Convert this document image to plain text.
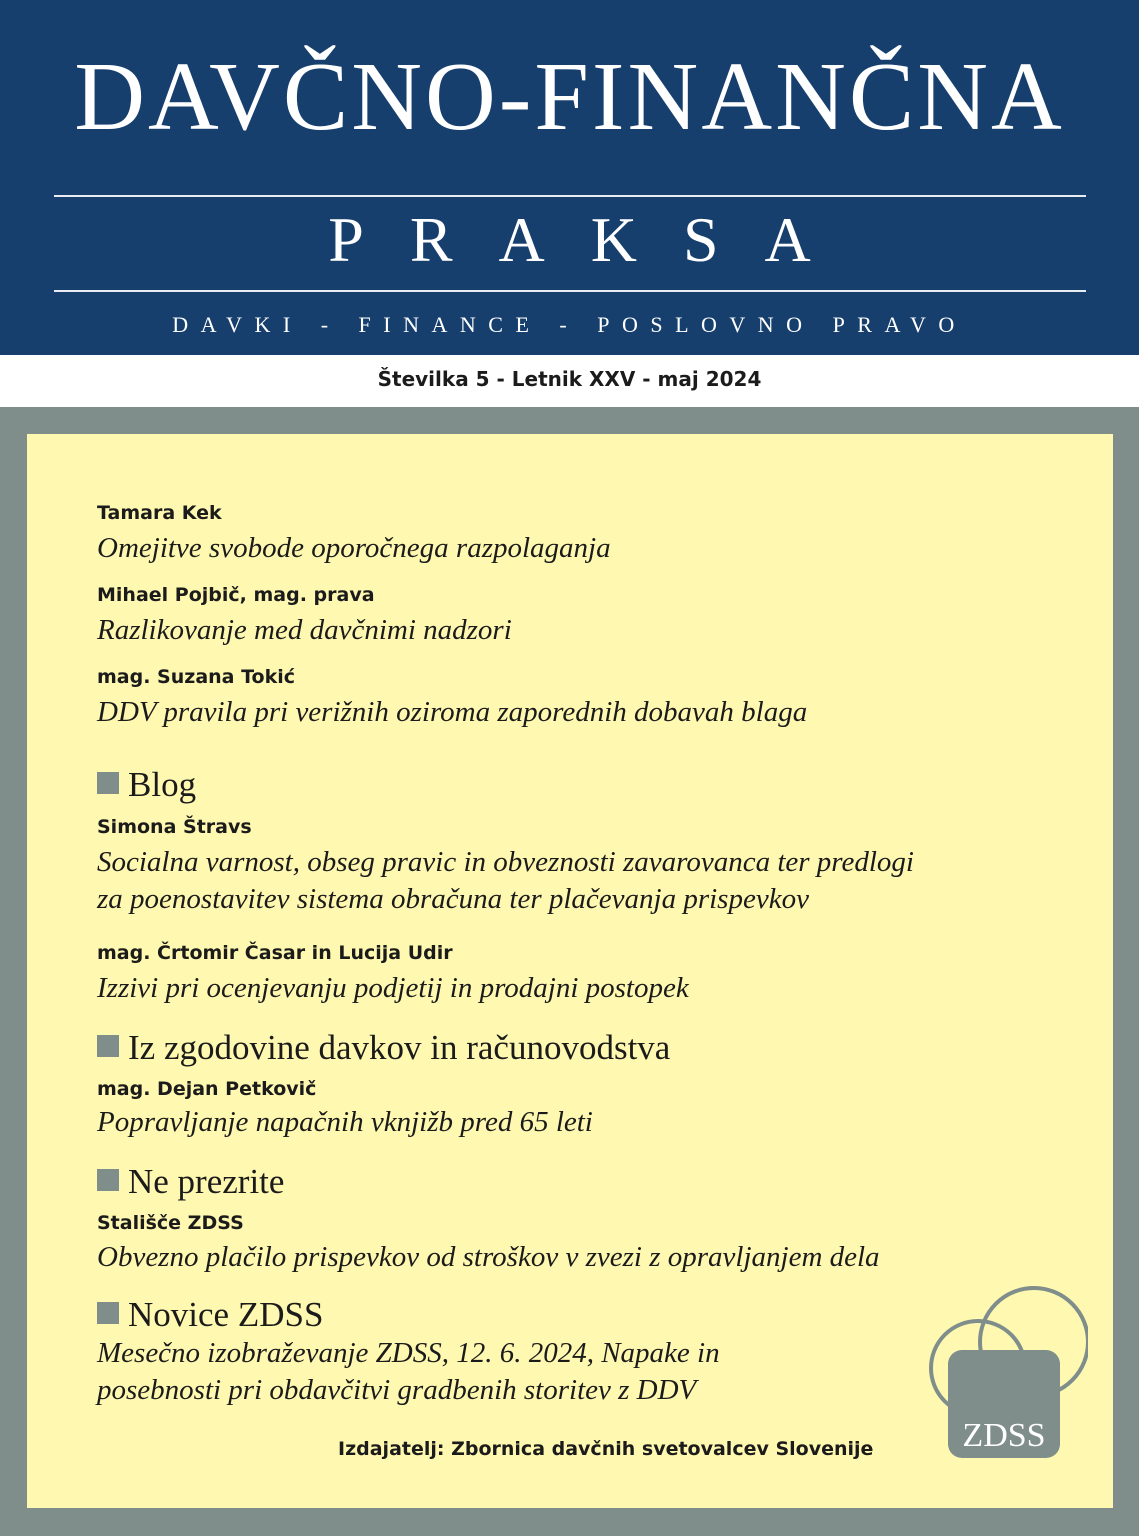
DAVČNO-FINANČNA
PRAKSA
DAVKI - FINANCE - POSLOVNO PRAVO
Številka 5 - Letnik XXV - maj 2024
Tamara Kek
Omejitve svobode oporočnega razpolaganja
Mihael Pojbič, mag. prava
Razlikovanje med davčnimi nadzori
mag. Suzana Tokić
DDV pravila pri verižnih oziroma zaporednih dobavah blaga
Blog
Simona Štravs
Socialna varnost, obseg pravic in obveznosti zavarovanca ter predlogi
za poenostavitev sistema obračuna ter plačevanja prispevkov
mag. Črtomir Časar in Lucija Udir
Izzivi pri ocenjevanju podjetij in prodajni postopek
Iz zgodovine davkov in računovodstva
mag. Dejan Petkovič
Popravljanje napačnih vknjižb pred 65 leti
Ne prezrite
Stališče ZDSS
Obvezno plačilo prispevkov od stroškov v zvezi z opravljanjem dela
Novice ZDSS
Mesečno izobraževanje ZDSS, 12. 6. 2024, Napake in
posebnosti pri obdavčitvi gradbenih storitev z DDV
Izdajatelj: Zbornica davčnih svetovalcev Slovenije	ZDSS
